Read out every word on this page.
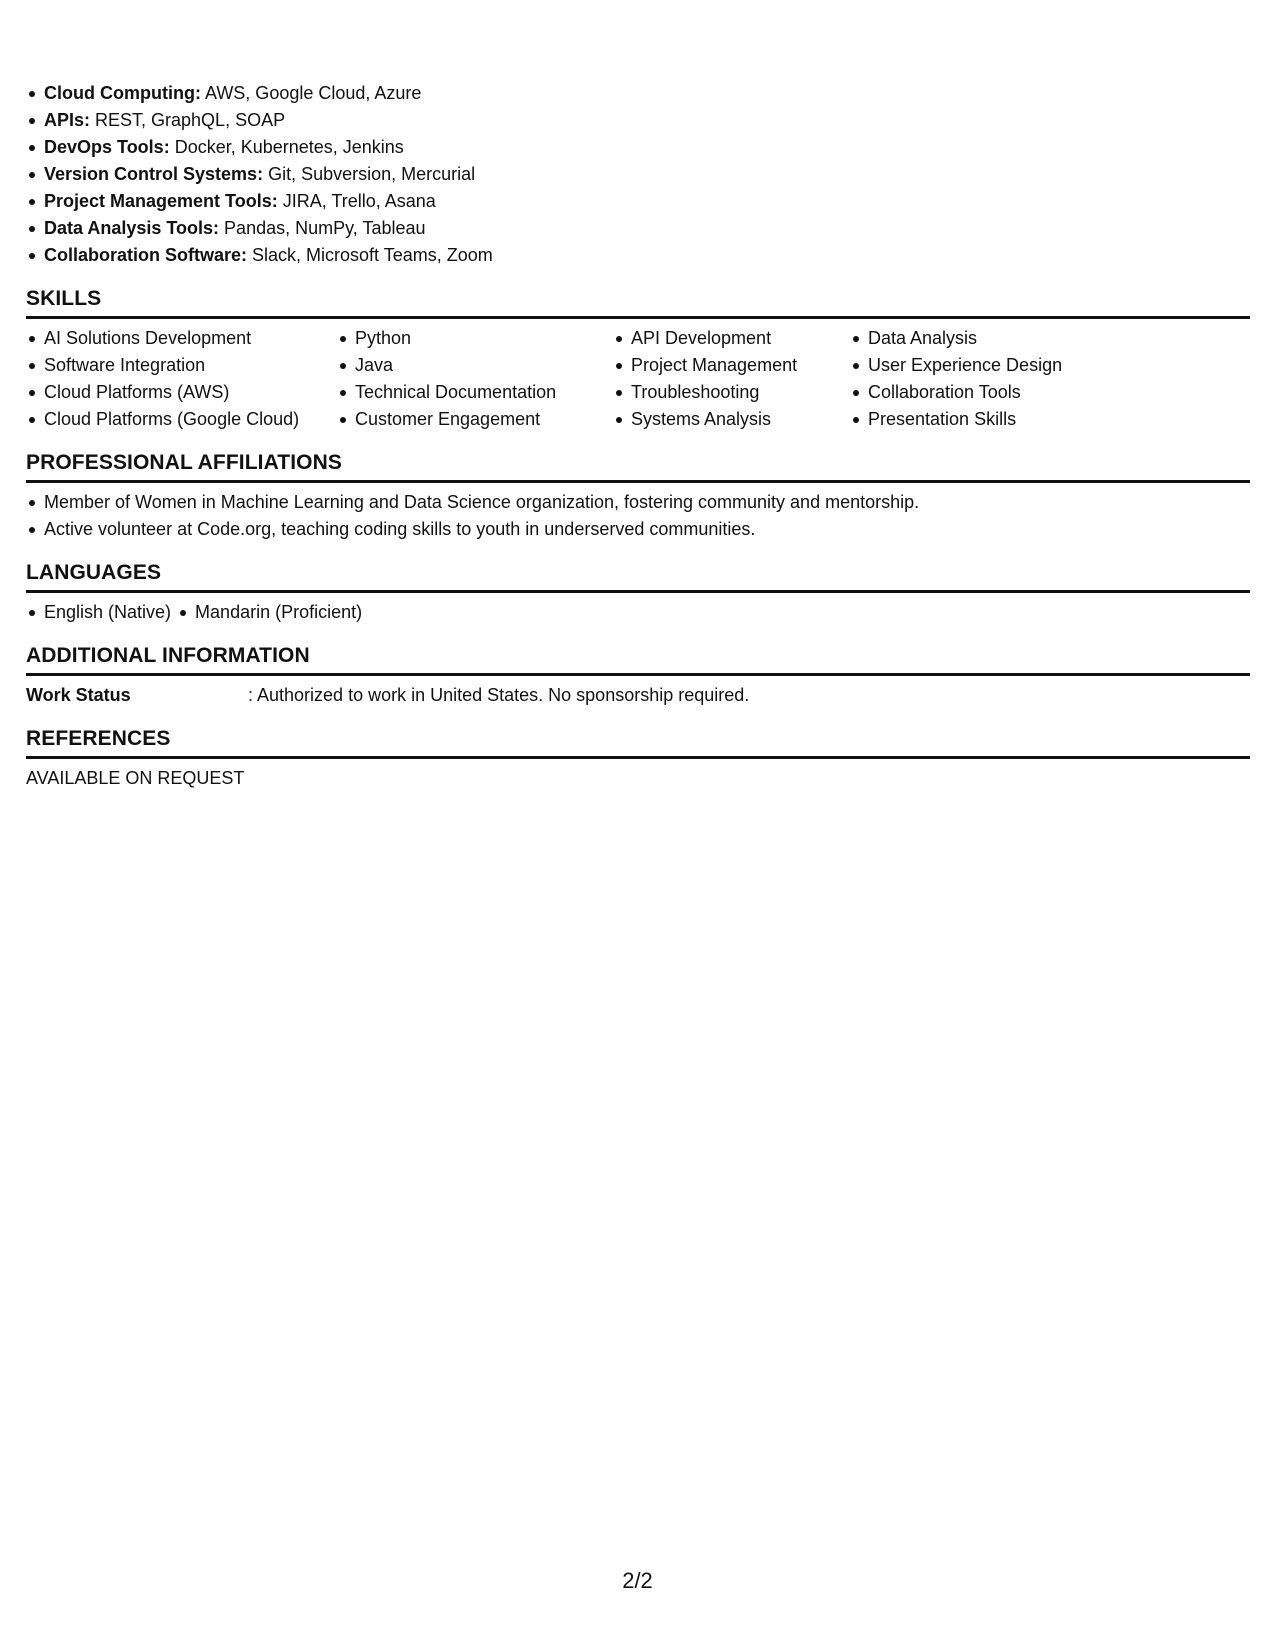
Cloud Computing: AWS, Google Cloud, Azure
APIs: REST, GraphQL, SOAP
DevOps Tools: Docker, Kubernetes, Jenkins
Version Control Systems: Git, Subversion, Mercurial
Project Management Tools: JIRA, Trello, Asana
Data Analysis Tools: Pandas, NumPy, Tableau
Collaboration Software: Slack, Microsoft Teams, Zoom
SKILLS
AI Solutions Development
Software Integration
Cloud Platforms (AWS)
Cloud Platforms (Google Cloud)
Python
Java
Technical Documentation
Customer Engagement
API Development
Project Management
Troubleshooting
Systems Analysis
Data Analysis
User Experience Design
Collaboration Tools
Presentation Skills
PROFESSIONAL AFFILIATIONS
Member of Women in Machine Learning and Data Science organization, fostering community and mentorship.
Active volunteer at Code.org, teaching coding skills to youth in underserved communities.
LANGUAGES
English (Native) Mandarin (Proficient)
ADDITIONAL INFORMATION
Work Status	: Authorized to work in United States. No sponsorship required.
REFERENCES
AVAILABLE ON REQUEST
2/2
